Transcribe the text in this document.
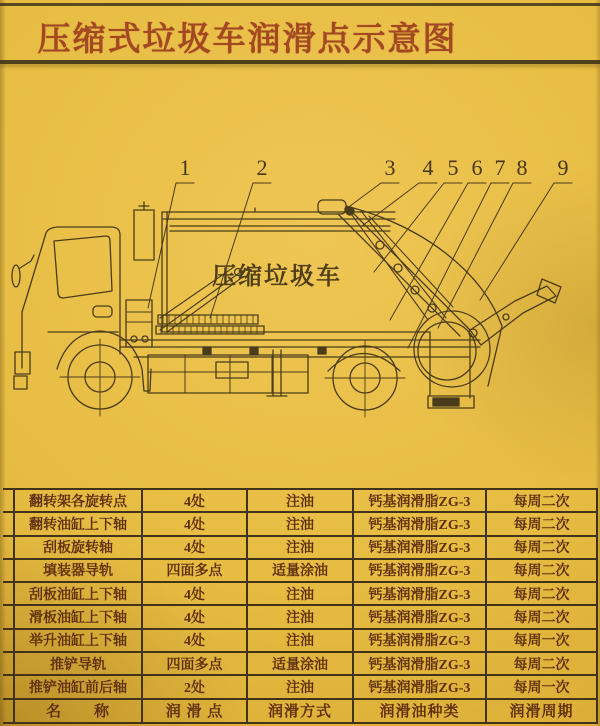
压缩式垃圾车润滑点示意图
压缩垃圾车
1	2	3 4 5 6 7 8 9
	翻转架各旋转点	4处	注油	钙基润滑脂ZG-3	每周二次
	翻转油缸上下轴	4处	注油	钙基润滑脂ZG-3	每周二次
	刮板旋转轴	4处	注油	钙基润滑脂ZG-3	每周二次
	填装器导轨	四面多点	适量涂油	钙基润滑脂ZG-3	每周二次
	刮板油缸上下轴	4处	注油	钙基润滑脂ZG-3	每周二次
	滑板油缸上下轴	4处	注油	钙基润滑脂ZG-3	每周二次
	举升油缸上下轴	4处	注油	钙基润滑脂ZG-3	每周一次
	推铲导轨	四面多点	适量涂油	钙基润滑脂ZG-3	每周二次
	推铲油缸前后轴	2处	注油	钙基润滑脂ZG-3	每周一次
	名　　称	润 滑 点	润滑方式	润滑油种类	润滑周期
